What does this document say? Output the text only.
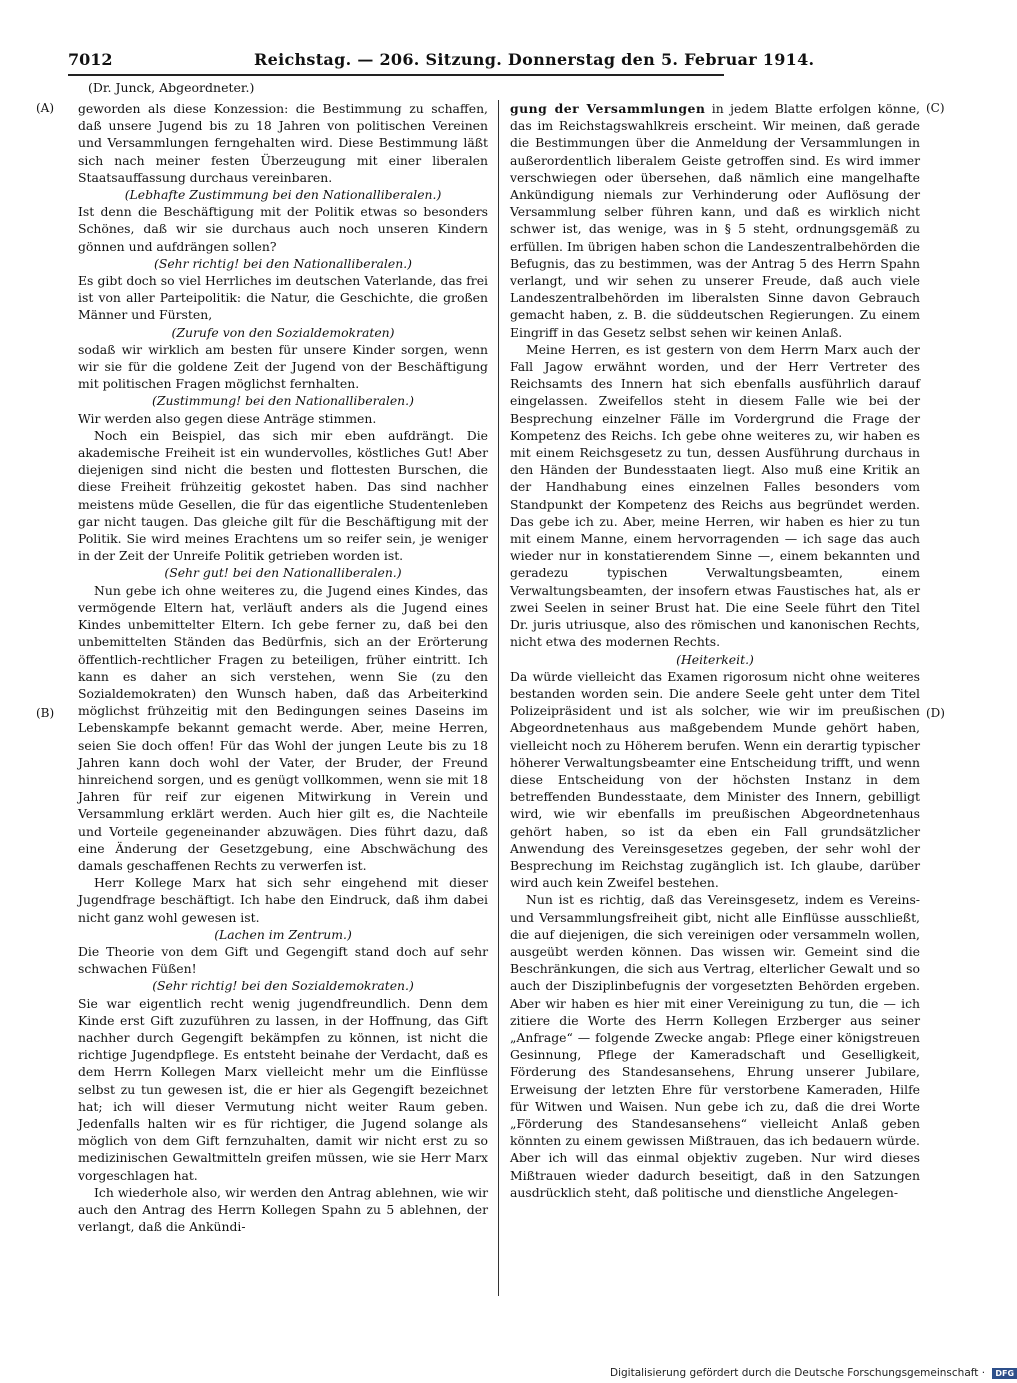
7012	Reichstag. — 206. Sitzung. Donnerstag den 5. Februar 1914.
(Dr. Junck, Abgeordneter.)
(A)
(B)
(C)
(D)

geworden als diese Konzession: die Bestimmung zu schaffen, daß unsere Jugend bis zu 18 Jahren von politischen Vereinen und Versammlungen ferngehalten wird. Diese Bestimmung läßt sich nach meiner festen Überzeugung mit einer liberalen Staatsauffassung durchaus vereinbaren.

(Lebhafte Zustimmung bei den Nationalliberalen.)

Ist denn die Beschäftigung mit der Politik etwas so besonders Schönes, daß wir sie durchaus auch noch unseren Kindern gönnen und aufdrängen sollen?

(Sehr richtig! bei den Nationalliberalen.)

Es gibt doch so viel Herrliches im deutschen Vaterlande, das frei ist von aller Parteipolitik: die Natur, die Geschichte, die großen Männer und Fürsten,

(Zurufe von den Sozialdemokraten)

sodaß wir wirklich am besten für unsere Kinder sorgen, wenn wir sie für die goldene Zeit der Jugend von der Beschäftigung mit politischen Fragen möglichst fernhalten.

(Zustimmung! bei den Nationalliberalen.)

Wir werden also gegen diese Anträge stimmen.

Noch ein Beispiel, das sich mir eben aufdrängt. Die akademische Freiheit ist ein wundervolles, köstliches Gut! Aber diejenigen sind nicht die besten und flottesten Burschen, die diese Freiheit frühzeitig gekostet haben. Das sind nachher meistens müde Gesellen, die für das eigentliche Studentenleben gar nicht taugen. Das gleiche gilt für die Beschäftigung mit der Politik. Sie wird meines Erachtens um so reifer sein, je weniger in der Zeit der Unreife Politik getrieben worden ist.

(Sehr gut! bei den Nationalliberalen.)

Nun gebe ich ohne weiteres zu, die Jugend eines Kindes, das vermögende Eltern hat, verläuft anders als die Jugend eines Kindes unbemittelter Eltern. Ich gebe ferner zu, daß bei den unbemittelten Ständen das Bedürfnis, sich an der Erörterung öffentlich-rechtlicher Fragen zu beteiligen, früher eintritt. Ich kann es daher an sich verstehen, wenn Sie (zu den Sozialdemokraten) den Wunsch haben, daß das Arbeiterkind möglichst frühzeitig mit den Bedingungen seines Daseins im Lebenskampfe bekannt gemacht werde. Aber, meine Herren, seien Sie doch offen! Für das Wohl der jungen Leute bis zu 18 Jahren kann doch wohl der Vater, der Bruder, der Freund hinreichend sorgen, und es genügt vollkommen, wenn sie mit 18 Jahren für reif zur eigenen Mitwirkung in Verein und Versammlung erklärt werden. Auch hier gilt es, die Nachteile und Vorteile gegeneinander abzuwägen. Dies führt dazu, daß eine Änderung der Gesetzgebung, eine Abschwächung des damals geschaffenen Rechts zu verwerfen ist.

Herr Kollege Marx hat sich sehr eingehend mit dieser Jugendfrage beschäftigt. Ich habe den Eindruck, daß ihm dabei nicht ganz wohl gewesen ist.

(Lachen im Zentrum.)

Die Theorie von dem Gift und Gegengift stand doch auf sehr schwachen Füßen!

(Sehr richtig! bei den Sozialdemokraten.)

Sie war eigentlich recht wenig jugendfreundlich. Denn dem Kinde erst Gift zuzuführen zu lassen, in der Hoffnung, das Gift nachher durch Gegengift bekämpfen zu können, ist nicht die richtige Jugendpflege. Es entsteht beinahe der Verdacht, daß es dem Herrn Kollegen Marx vielleicht mehr um die Einflüsse selbst zu tun gewesen ist, die er hier als Gegengift bezeichnet hat; ich will dieser Vermutung nicht weiter Raum geben. Jedenfalls halten wir es für richtiger, die Jugend solange als möglich von dem Gift fernzuhalten, damit wir nicht erst zu so medizinischen Gewaltmitteln greifen müssen, wie sie Herr Marx vorgeschlagen hat.

Ich wiederhole also, wir werden den Antrag ablehnen, wie wir auch den Antrag des Herrn Kollegen Spahn zu 5 ablehnen, der verlangt, daß die Ankündi-

gung der Versammlungen in jedem Blatte erfolgen könne, das im Reichstagswahlkreis erscheint. Wir meinen, daß gerade die Bestimmungen über die Anmeldung der Versammlungen in außerordentlich liberalem Geiste getroffen sind. Es wird immer verschwiegen oder übersehen, daß nämlich eine mangelhafte Ankündigung niemals zur Verhinderung oder Auflösung der Versammlung selber führen kann, und daß es wirklich nicht schwer ist, das wenige, was in § 5 steht, ordnungsgemäß zu erfüllen. Im übrigen haben schon die Landeszentralbehörden die Befugnis, das zu bestimmen, was der Antrag 5 des Herrn Spahn verlangt, und wir sehen zu unserer Freude, daß auch viele Landeszentralbehörden im liberalsten Sinne davon Gebrauch gemacht haben, z. B. die süddeutschen Regierungen. Zu einem Eingriff in das Gesetz selbst sehen wir keinen Anlaß.

Meine Herren, es ist gestern von dem Herrn Marx auch der Fall Jagow erwähnt worden, und der Herr Vertreter des Reichsamts des Innern hat sich ebenfalls ausführlich darauf eingelassen. Zweifellos steht in diesem Falle wie bei der Besprechung einzelner Fälle im Vordergrund die Frage der Kompetenz des Reichs. Ich gebe ohne weiteres zu, wir haben es mit einem Reichsgesetz zu tun, dessen Ausführung durchaus in den Händen der Bundesstaaten liegt. Also muß eine Kritik an der Handhabung eines einzelnen Falles besonders vom Standpunkt der Kompetenz des Reichs aus begründet werden. Das gebe ich zu. Aber, meine Herren, wir haben es hier zu tun mit einem Manne, einem hervorragenden — ich sage das auch wieder nur in konstatierendem Sinne —, einem bekannten und geradezu typischen Verwaltungsbeamten, einem Verwaltungsbeamten, der insofern etwas Faustisches hat, als er zwei Seelen in seiner Brust hat. Die eine Seele führt den Titel Dr. juris utriusque, also des römischen und kanonischen Rechts, nicht etwa des modernen Rechts.

(Heiterkeit.)

Da würde vielleicht das Examen rigorosum nicht ohne weiteres bestanden worden sein. Die andere Seele geht unter dem Titel Polizeipräsident und ist als solcher, wie wir im preußischen Abgeordnetenhaus aus maßgebendem Munde gehört haben, vielleicht noch zu Höherem berufen. Wenn ein derartig typischer höherer Verwaltungsbeamter eine Entscheidung trifft, und wenn diese Entscheidung von der höchsten Instanz in dem betreffenden Bundesstaate, dem Minister des Innern, gebilligt wird, wie wir ebenfalls im preußischen Abgeordnetenhaus gehört haben, so ist da eben ein Fall grundsätzlicher Anwendung des Vereinsgesetzes gegeben, der sehr wohl der Besprechung im Reichstag zugänglich ist. Ich glaube, darüber wird auch kein Zweifel bestehen.

Nun ist es richtig, daß das Vereinsgesetz, indem es Vereins- und Versammlungsfreiheit gibt, nicht alle Einflüsse ausschließt, die auf diejenigen, die sich vereinigen oder versammeln wollen, ausgeübt werden können. Das wissen wir. Gemeint sind die Beschränkungen, die sich aus Vertrag, elterlicher Gewalt und so auch der Disziplinbefugnis der vorgesetzten Behörden ergeben. Aber wir haben es hier mit einer Vereinigung zu tun, die — ich zitiere die Worte des Herrn Kollegen Erzberger aus seiner „Anfrage“ — folgende Zwecke angab: Pflege einer königstreuen Gesinnung, Pflege der Kameradschaft und Geselligkeit, Förderung des Standesansehens, Ehrung unserer Jubilare, Erweisung der letzten Ehre für verstorbene Kameraden, Hilfe für Witwen und Waisen. Nun gebe ich zu, daß die drei Worte „Förderung des Standesansehens“ vielleicht Anlaß geben könnten zu einem gewissen Mißtrauen, das ich bedauern würde. Aber ich will das einmal objektiv zugeben. Nur wird dieses Mißtrauen wieder dadurch beseitigt, daß in den Satzungen ausdrücklich steht, daß politische und dienstliche Angelegen-

Digitalisierung gefördert durch die Deutsche Forschungsgemeinschaft · DFG
